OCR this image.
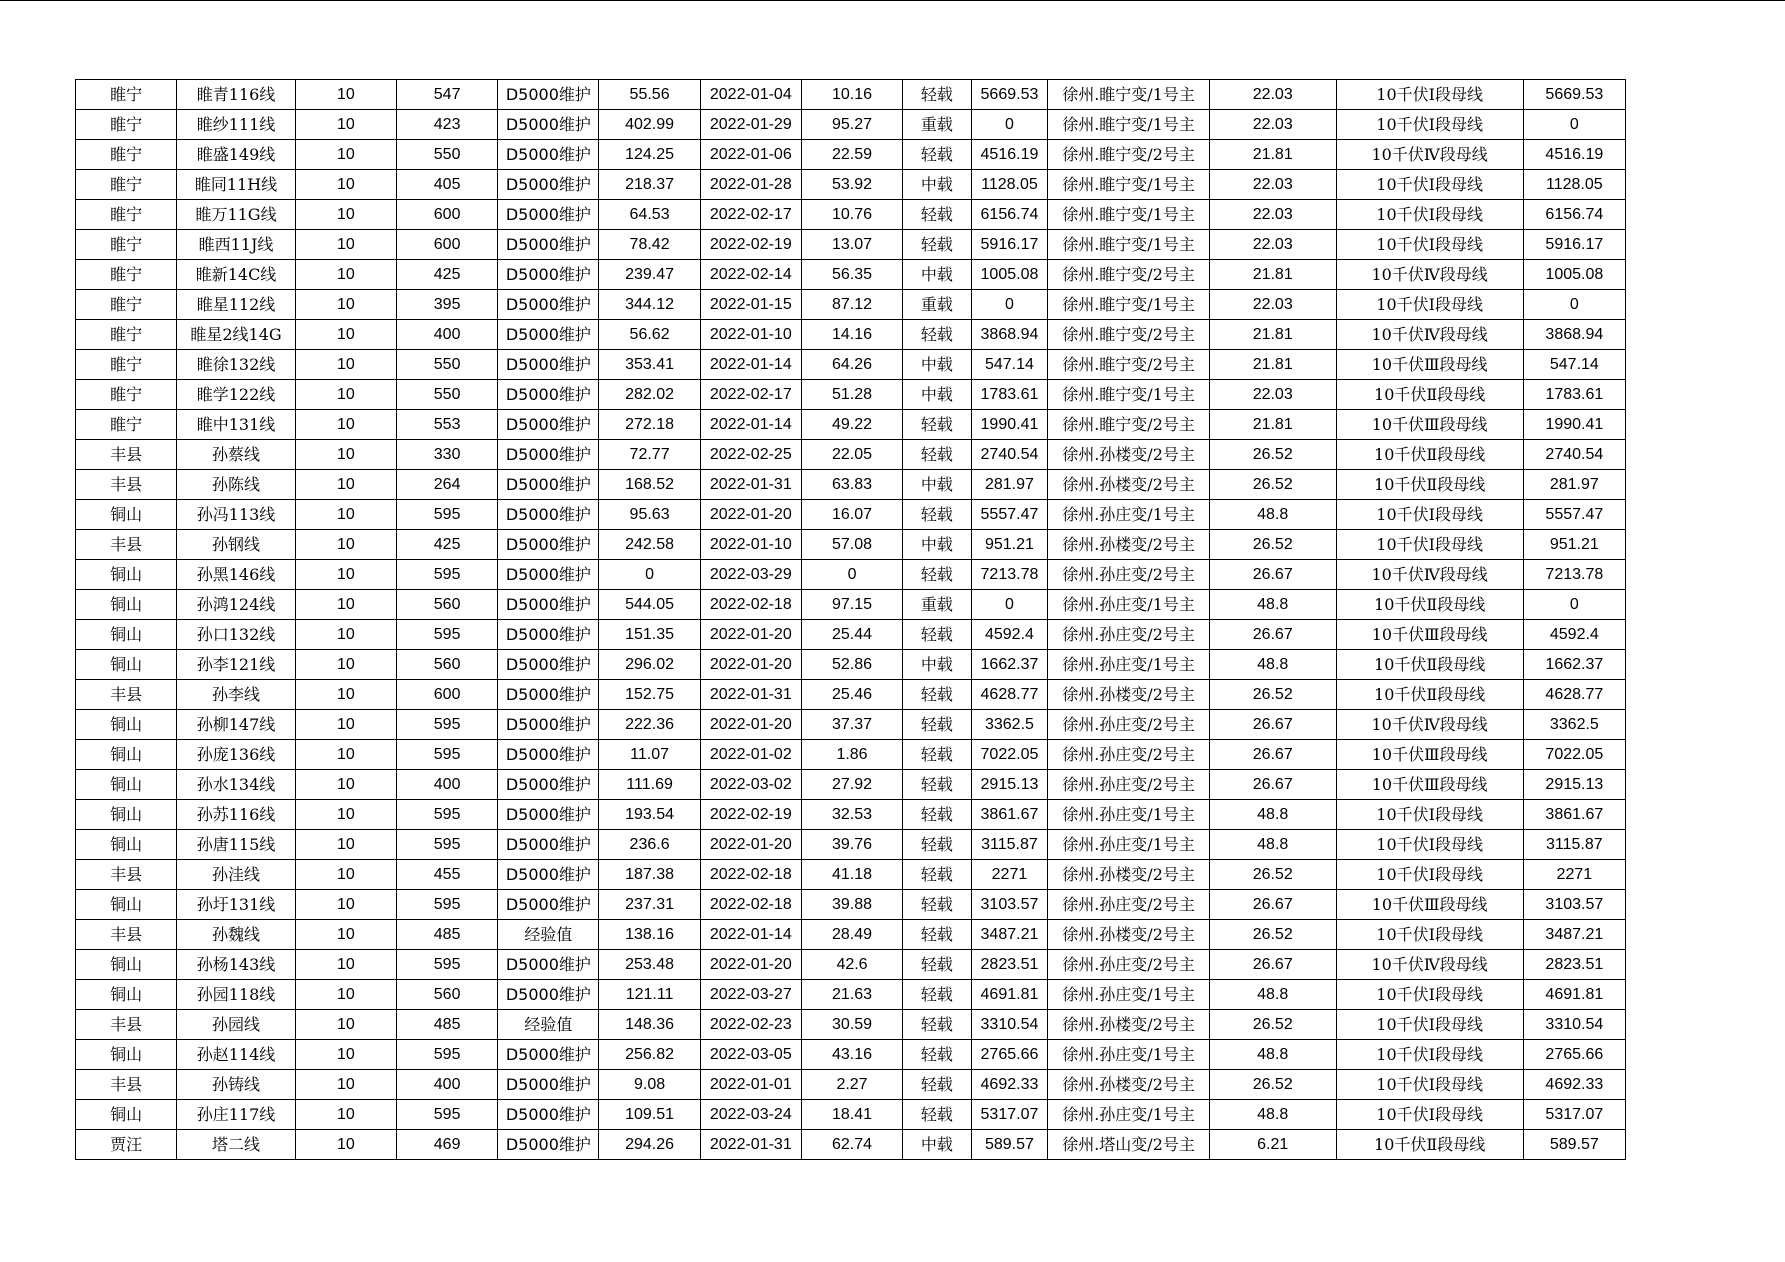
睢宁	睢青116线	10	547	D5000维护	55.56	2022-01-04	10.16	轻载	5669.53	徐州.睢宁变/1号主	22.03	10千伏Ⅰ段母线	5669.53
睢宁	睢纱111线	10	423	D5000维护	402.99	2022-01-29	95.27	重载	0	徐州.睢宁变/1号主	22.03	10千伏Ⅰ段母线	0
睢宁	睢盛149线	10	550	D5000维护	124.25	2022-01-06	22.59	轻载	4516.19	徐州.睢宁变/2号主	21.81	10千伏Ⅳ段母线	4516.19
睢宁	睢同11H线	10	405	D5000维护	218.37	2022-01-28	53.92	中载	1128.05	徐州.睢宁变/1号主	22.03	10千伏Ⅰ段母线	1128.05
睢宁	睢万11G线	10	600	D5000维护	64.53	2022-02-17	10.76	轻载	6156.74	徐州.睢宁变/1号主	22.03	10千伏Ⅰ段母线	6156.74
睢宁	睢西11J线	10	600	D5000维护	78.42	2022-02-19	13.07	轻载	5916.17	徐州.睢宁变/1号主	22.03	10千伏Ⅰ段母线	5916.17
睢宁	睢新14C线	10	425	D5000维护	239.47	2022-02-14	56.35	中载	1005.08	徐州.睢宁变/2号主	21.81	10千伏Ⅳ段母线	1005.08
睢宁	睢星112线	10	395	D5000维护	344.12	2022-01-15	87.12	重载	0	徐州.睢宁变/1号主	22.03	10千伏Ⅰ段母线	0
睢宁	睢星2线14G	10	400	D5000维护	56.62	2022-01-10	14.16	轻载	3868.94	徐州.睢宁变/2号主	21.81	10千伏Ⅳ段母线	3868.94
睢宁	睢徐132线	10	550	D5000维护	353.41	2022-01-14	64.26	中载	547.14	徐州.睢宁变/2号主	21.81	10千伏Ⅲ段母线	547.14
睢宁	睢学122线	10	550	D5000维护	282.02	2022-02-17	51.28	中载	1783.61	徐州.睢宁变/1号主	22.03	10千伏Ⅱ段母线	1783.61
睢宁	睢中131线	10	553	D5000维护	272.18	2022-01-14	49.22	轻载	1990.41	徐州.睢宁变/2号主	21.81	10千伏Ⅲ段母线	1990.41
丰县	孙蔡线	10	330	D5000维护	72.77	2022-02-25	22.05	轻载	2740.54	徐州.孙楼变/2号主	26.52	10千伏Ⅱ段母线	2740.54
丰县	孙陈线	10	264	D5000维护	168.52	2022-01-31	63.83	中载	281.97	徐州.孙楼变/2号主	26.52	10千伏Ⅱ段母线	281.97
铜山	孙冯113线	10	595	D5000维护	95.63	2022-01-20	16.07	轻载	5557.47	徐州.孙庄变/1号主	48.8	10千伏Ⅰ段母线	5557.47
丰县	孙钢线	10	425	D5000维护	242.58	2022-01-10	57.08	中载	951.21	徐州.孙楼变/2号主	26.52	10千伏Ⅰ段母线	951.21
铜山	孙黑146线	10	595	D5000维护	0	2022-03-29	0	轻载	7213.78	徐州.孙庄变/2号主	26.67	10千伏Ⅳ段母线	7213.78
铜山	孙鸿124线	10	560	D5000维护	544.05	2022-02-18	97.15	重载	0	徐州.孙庄变/1号主	48.8	10千伏Ⅱ段母线	0
铜山	孙口132线	10	595	D5000维护	151.35	2022-01-20	25.44	轻载	4592.4	徐州.孙庄变/2号主	26.67	10千伏Ⅲ段母线	4592.4
铜山	孙李121线	10	560	D5000维护	296.02	2022-01-20	52.86	中载	1662.37	徐州.孙庄变/1号主	48.8	10千伏Ⅱ段母线	1662.37
丰县	孙李线	10	600	D5000维护	152.75	2022-01-31	25.46	轻载	4628.77	徐州.孙楼变/2号主	26.52	10千伏Ⅱ段母线	4628.77
铜山	孙柳147线	10	595	D5000维护	222.36	2022-01-20	37.37	轻载	3362.5	徐州.孙庄变/2号主	26.67	10千伏Ⅳ段母线	3362.5
铜山	孙庞136线	10	595	D5000维护	11.07	2022-01-02	1.86	轻载	7022.05	徐州.孙庄变/2号主	26.67	10千伏Ⅲ段母线	7022.05
铜山	孙水134线	10	400	D5000维护	111.69	2022-03-02	27.92	轻载	2915.13	徐州.孙庄变/2号主	26.67	10千伏Ⅲ段母线	2915.13
铜山	孙苏116线	10	595	D5000维护	193.54	2022-02-19	32.53	轻载	3861.67	徐州.孙庄变/1号主	48.8	10千伏Ⅰ段母线	3861.67
铜山	孙唐115线	10	595	D5000维护	236.6	2022-01-20	39.76	轻载	3115.87	徐州.孙庄变/1号主	48.8	10千伏Ⅰ段母线	3115.87
丰县	孙洼线	10	455	D5000维护	187.38	2022-02-18	41.18	轻载	2271	徐州.孙楼变/2号主	26.52	10千伏Ⅰ段母线	2271
铜山	孙圩131线	10	595	D5000维护	237.31	2022-02-18	39.88	轻载	3103.57	徐州.孙庄变/2号主	26.67	10千伏Ⅲ段母线	3103.57
丰县	孙魏线	10	485	经验值	138.16	2022-01-14	28.49	轻载	3487.21	徐州.孙楼变/2号主	26.52	10千伏Ⅰ段母线	3487.21
铜山	孙杨143线	10	595	D5000维护	253.48	2022-01-20	42.6	轻载	2823.51	徐州.孙庄变/2号主	26.67	10千伏Ⅳ段母线	2823.51
铜山	孙园118线	10	560	D5000维护	121.11	2022-03-27	21.63	轻载	4691.81	徐州.孙庄变/1号主	48.8	10千伏Ⅰ段母线	4691.81
丰县	孙园线	10	485	经验值	148.36	2022-02-23	30.59	轻载	3310.54	徐州.孙楼变/2号主	26.52	10千伏Ⅰ段母线	3310.54
铜山	孙赵114线	10	595	D5000维护	256.82	2022-03-05	43.16	轻载	2765.66	徐州.孙庄变/1号主	48.8	10千伏Ⅰ段母线	2765.66
丰县	孙铸线	10	400	D5000维护	9.08	2022-01-01	2.27	轻载	4692.33	徐州.孙楼变/2号主	26.52	10千伏Ⅰ段母线	4692.33
铜山	孙庄117线	10	595	D5000维护	109.51	2022-03-24	18.41	轻载	5317.07	徐州.孙庄变/1号主	48.8	10千伏Ⅰ段母线	5317.07
贾汪	塔二线	10	469	D5000维护	294.26	2022-01-31	62.74	中载	589.57	徐州.塔山变/2号主	6.21	10千伏Ⅱ段母线	589.57
